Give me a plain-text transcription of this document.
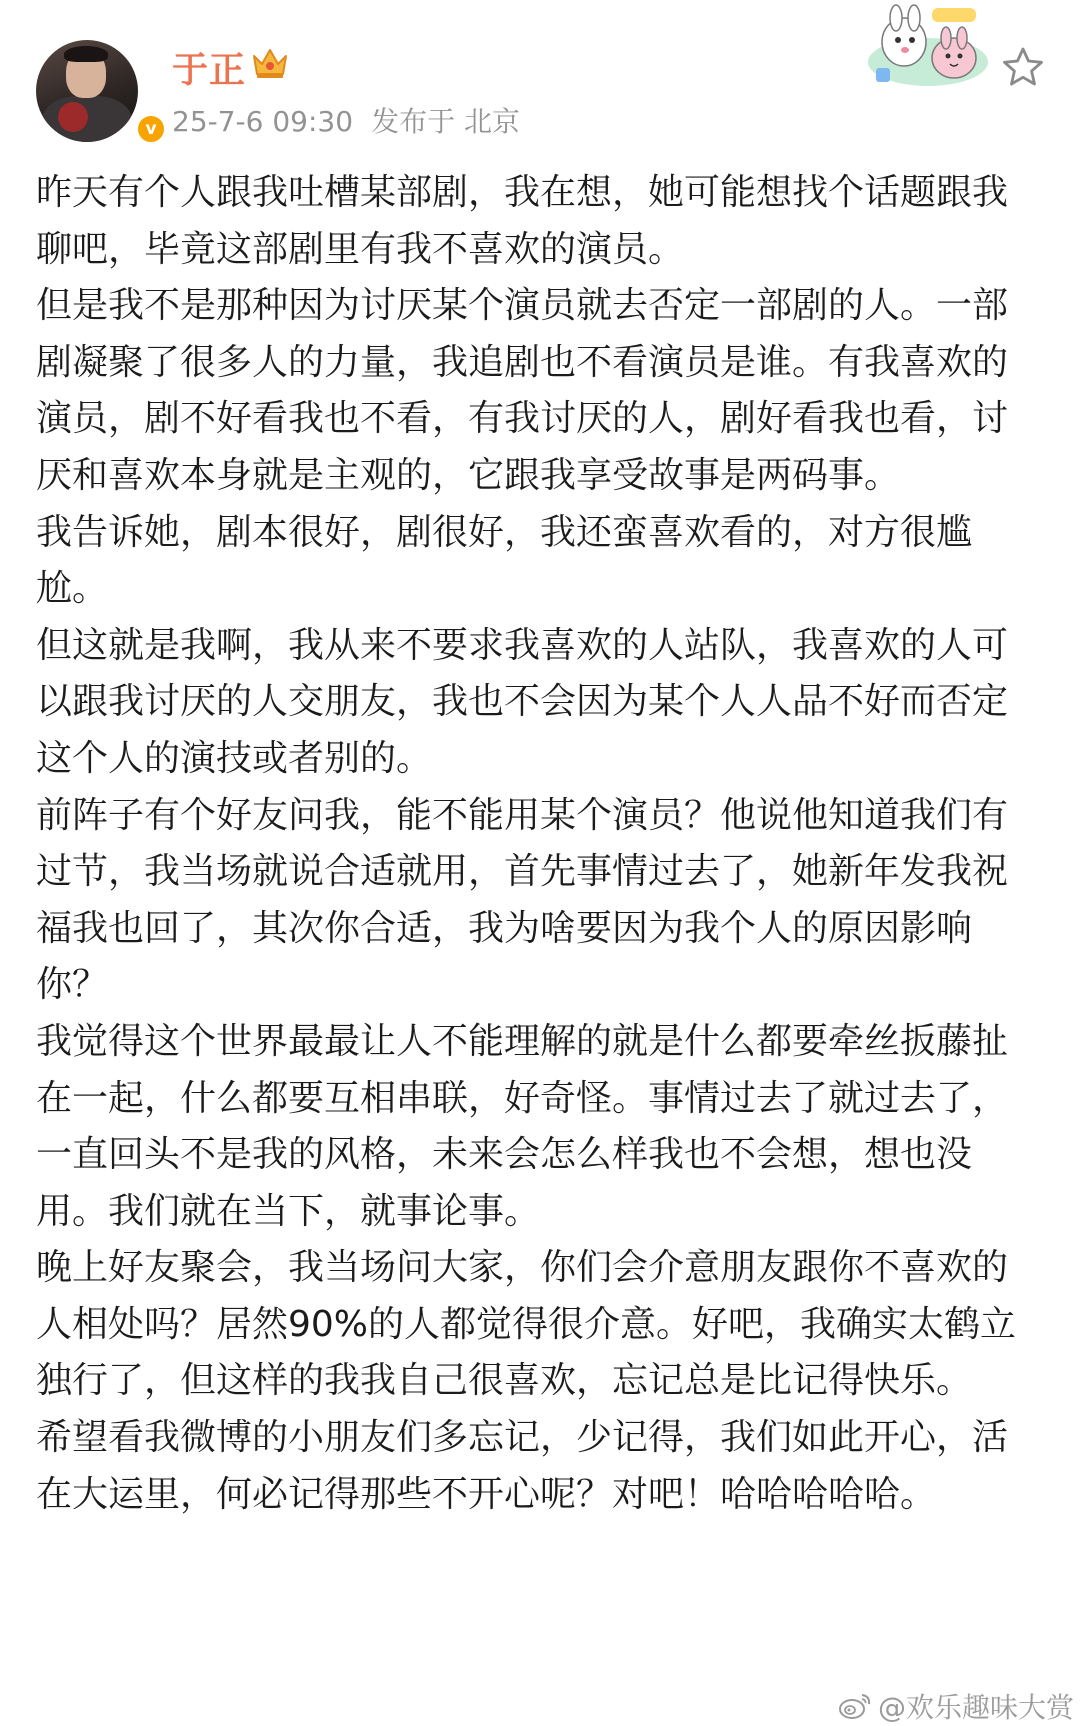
v
于正
25-7-6 09:30 发布于 北京
昨天有个人跟我吐槽某部剧，我在想，她可能想找个话题跟我聊吧，毕竟这部剧里有我不喜欢的演员。
但是我不是那种因为讨厌某个演员就去否定一部剧的人。一部剧凝聚了很多人的力量，我追剧也不看演员是谁。有我喜欢的演员，剧不好看我也不看，有我讨厌的人，剧好看我也看，讨厌和喜欢本身就是主观的，它跟我享受故事是两码事。
我告诉她，剧本很好，剧很好，我还蛮喜欢看的，对方很尴尬。
但这就是我啊，我从来不要求我喜欢的人站队，我喜欢的人可以跟我讨厌的人交朋友，我也不会因为某个人人品不好而否定这个人的演技或者别的。
前阵子有个好友问我，能不能用某个演员？他说他知道我们有过节，我当场就说合适就用，首先事情过去了，她新年发我祝福我也回了，其次你合适，我为啥要因为我个人的原因影响你？
我觉得这个世界最最让人不能理解的就是什么都要牵丝扳藤扯在一起，什么都要互相串联，好奇怪。事情过去了就过去了，一直回头不是我的风格，未来会怎么样我也不会想，想也没用。我们就在当下，就事论事。
晚上好友聚会，我当场问大家，你们会介意朋友跟你不喜欢的人相处吗？居然90%的人都觉得很介意。好吧，我确实太鹤立独行了，但这样的我我自己很喜欢，忘记总是比记得快乐。
希望看我微博的小朋友们多忘记，少记得，我们如此开心，活在大运里，何必记得那些不开心呢？对吧！哈哈哈哈哈。
@欢乐趣味大赏
